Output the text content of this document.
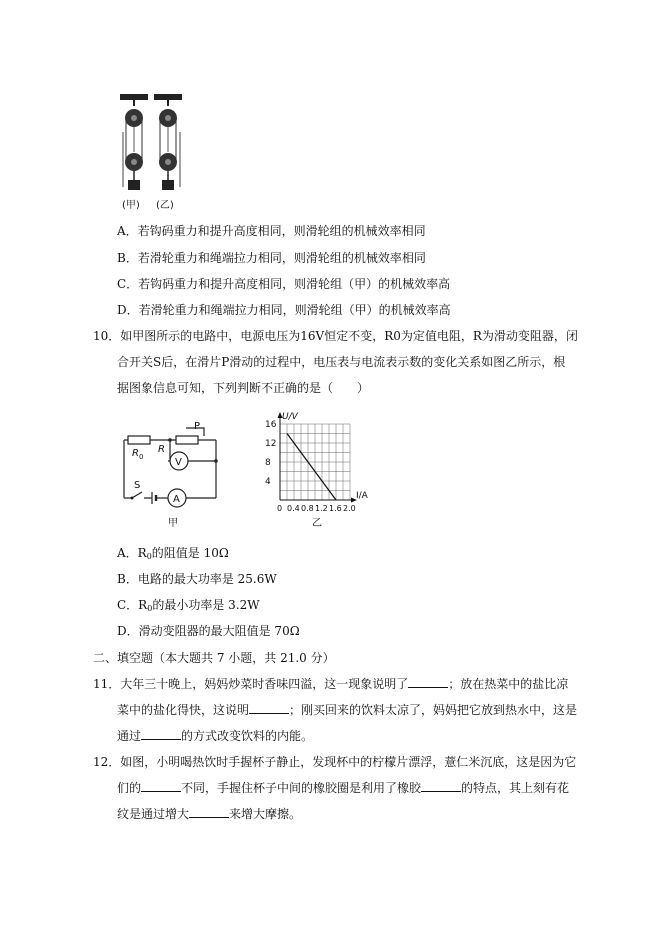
(甲) (乙)
A．若钩码重力和提升高度相同，则滑轮组的机械效率相同
B．若滑轮重力和绳端拉力相同，则滑轮组的机械效率相同
C．若钩码重力和提升高度相同，则滑轮组（甲）的机械效率高
D．若滑轮重力和绳端拉力相同，则滑轮组（甲）的机械效率高
10．如甲图所示的电路中，电源电压为16V恒定不变，R0为定值电阻，R为滑动变阻器，闭
合开关S后，在滑片P滑动的过程中，电压表与电流表示数的变化关系如图乙所示，根
据图象信息可知，下列判断不正确的是（　　）
R 0
R
P
V
S
A
甲
16
12
8
4
0 0.4 0.8 1.2 1.6 2.0
U/V
I/A
乙
A．$R_0$的阻值是 10Ω
B．电路的最大功率是 25.6W
C．$R_0$的最小功率是 3.2W
D．滑动变阻器的最大阻值是 70Ω
二、填空题（本大题共 7 小题，共 21.0 分）
11．大年三十晚上，妈妈炒菜时香味四溢，这一现象说明了	；放在热菜中的盐比凉
菜中的盐化得快，这说明	；刚买回来的饮料太凉了，妈妈把它放到热水中，这是
通过	的方式改变饮料的内能。
12．如图，小明喝热饮时手握杯子静止，发现杯中的柠檬片漂浮，薏仁米沉底，这是因为它
们的	不同，手握住杯子中间的橡胶圈是利用了橡胶	的特点，其上刻有花
纹是通过增大	来增大摩擦。
